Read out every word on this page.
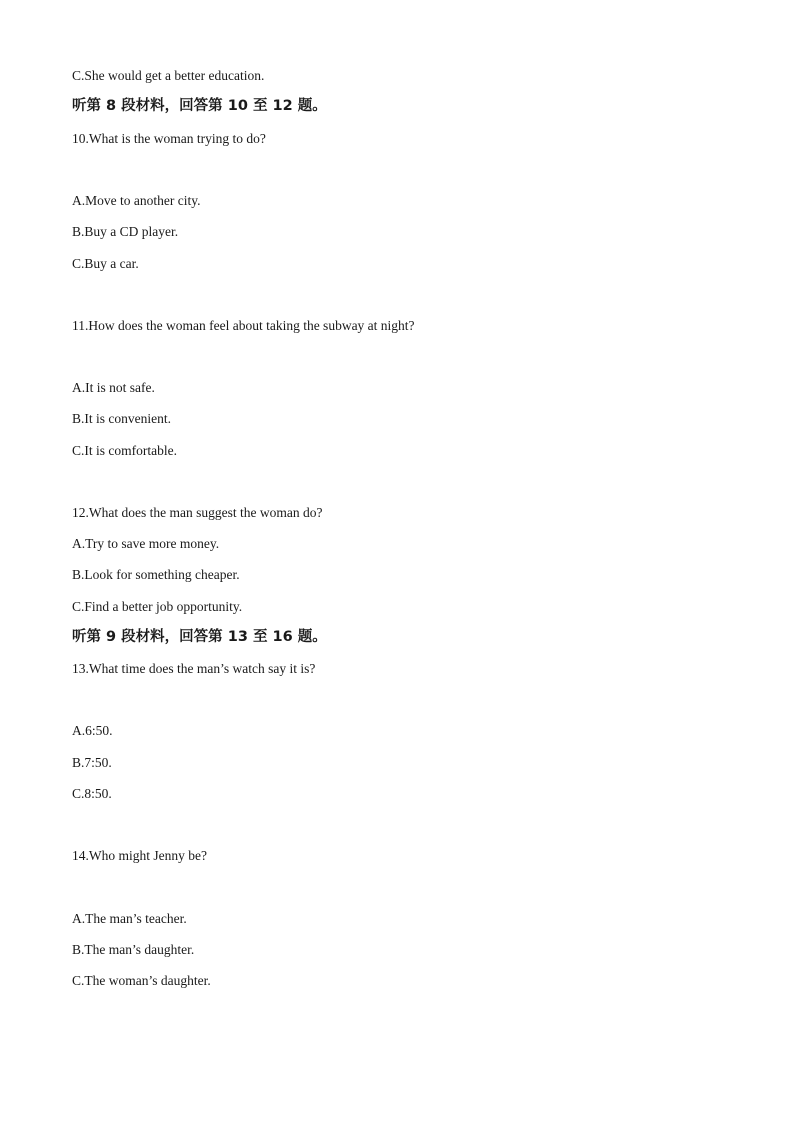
C.She would get a better education.
听第 8 段材料，回答第 10 至 12 题。
10.What is the woman trying to do?
A.Move to another city.
B.Buy a CD player.
C.Buy a car.
11.How does the woman feel about taking the subway at night?
A.It is not safe.
B.It is convenient.
C.It is comfortable.
12.What does the man suggest the woman do?
A.Try to save more money.
B.Look for something cheaper.
C.Find a better job opportunity.
听第 9 段材料，回答第 13 至 16 题。
13.What time does the man’s watch say it is?
A.6:50.
B.7:50.
C.8:50.
14.Who might Jenny be?
A.The man’s teacher.
B.The man’s daughter.
C.The woman’s daughter.
